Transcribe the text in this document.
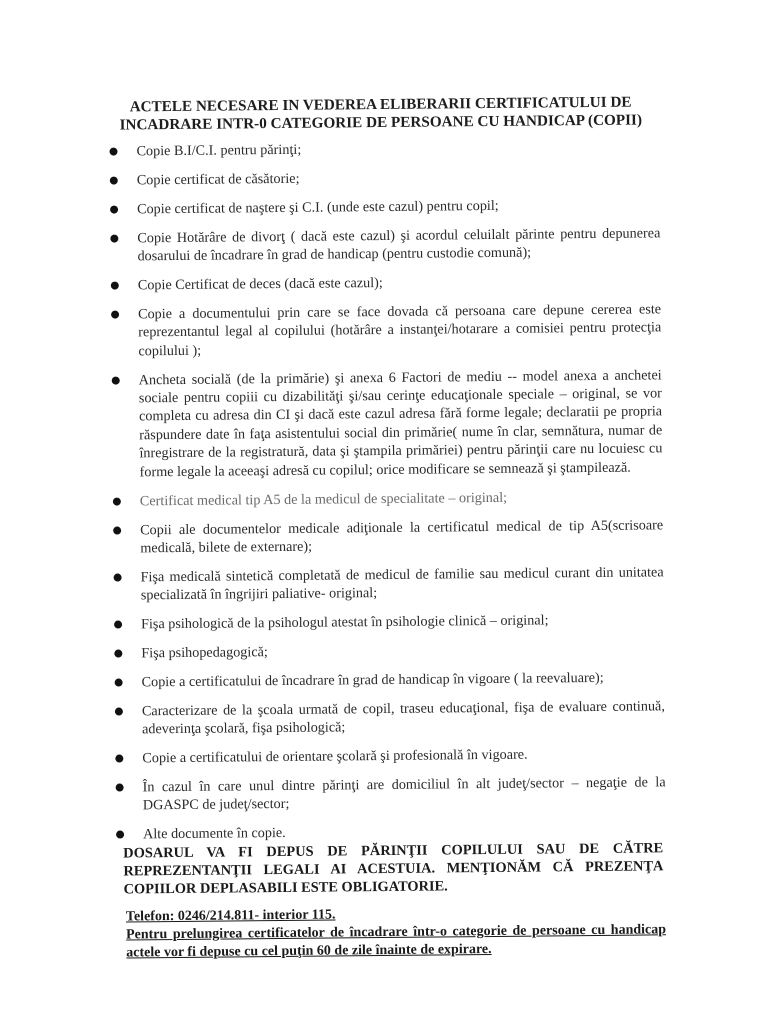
ACTELE NECESARE IN VEDEREA ELIBERARII CERTIFICATULUI DE
INCADRARE INTR-0 CATEGORIE DE PERSOANE CU HANDICAP (COPII)
Copie B.I/C.I. pentru părinţi;
Copie certificat de căsătorie;
Copie certificat de naştere şi C.I. (unde este cazul) pentru copil;
Copie Hotărâre de divorţ ( dacă este cazul) şi acordul celuilalt părinte pentru depunerea dosarului de încadrare în grad de handicap (pentru custodie comună);
Copie Certificat de deces (dacă este cazul);
Copie a documentului prin care se face dovada că persoana care depune cererea este reprezentantul legal al copilului (hotărâre a instanţei/hotarare a comisiei pentru protecţia copilului );
Ancheta socială (de la primărie) şi anexa 6 Factori de mediu -- model anexa a anchetei sociale pentru copiii cu dizabilităţi şi/sau cerinţe educaţionale speciale – original, se vor completa cu adresa din CI şi dacă este cazul adresa fără forme legale; declaratii pe propria răspundere date în faţa asistentului social din primărie( nume în clar, semnătura, numar de înregistrare de la registratură, data şi ştampila primăriei) pentru părinţii care nu locuiesc cu forme legale la aceeaşi adresă cu copilul; orice modificare se semnează şi ştampilează.
Certificat medical tip A5 de la medicul de specialitate – original;
Copii ale documentelor medicale adiţionale la certificatul medical de tip A5(scrisoare medicală, bilete de externare);
Fişa medicală sintetică completată de medicul de familie sau medicul curant din unitatea specializată în îngrijiri paliative- original;
Fişa psihologică de la psihologul atestat în psihologie clinică – original;
Fişa psihopedagogică;
Copie a certificatului de încadrare în grad de handicap în vigoare ( la reevaluare);
Caracterizare de la şcoala urmată de copil, traseu educaţional, fişa de evaluare continuă, adeverinţa şcolară, fişa psihologică;
Copie a certificatului de orientare şcolară şi profesională în vigoare.
În cazul în care unul dintre părinţi are domiciliul în alt judeţ/sector – negaţie de la DGASPC de judeţ/sector;
Alte documente în copie.
DOSARUL VA FI DEPUS DE PĂRINŢII COPILULUI SAU DE CĂTRE REPREZENTANŢII LEGALI AI ACESTUIA. MENŢIONĂM CĂ PREZENŢA COPIILOR DEPLASABILI ESTE OBLIGATORIE.
Telefon: 0246/214.811- interior 115.
Pentru prelungirea certificatelor de încadrare într-o categorie de persoane cu handicap actele vor fi depuse cu cel puţin 60 de zile înainte de expirare.
